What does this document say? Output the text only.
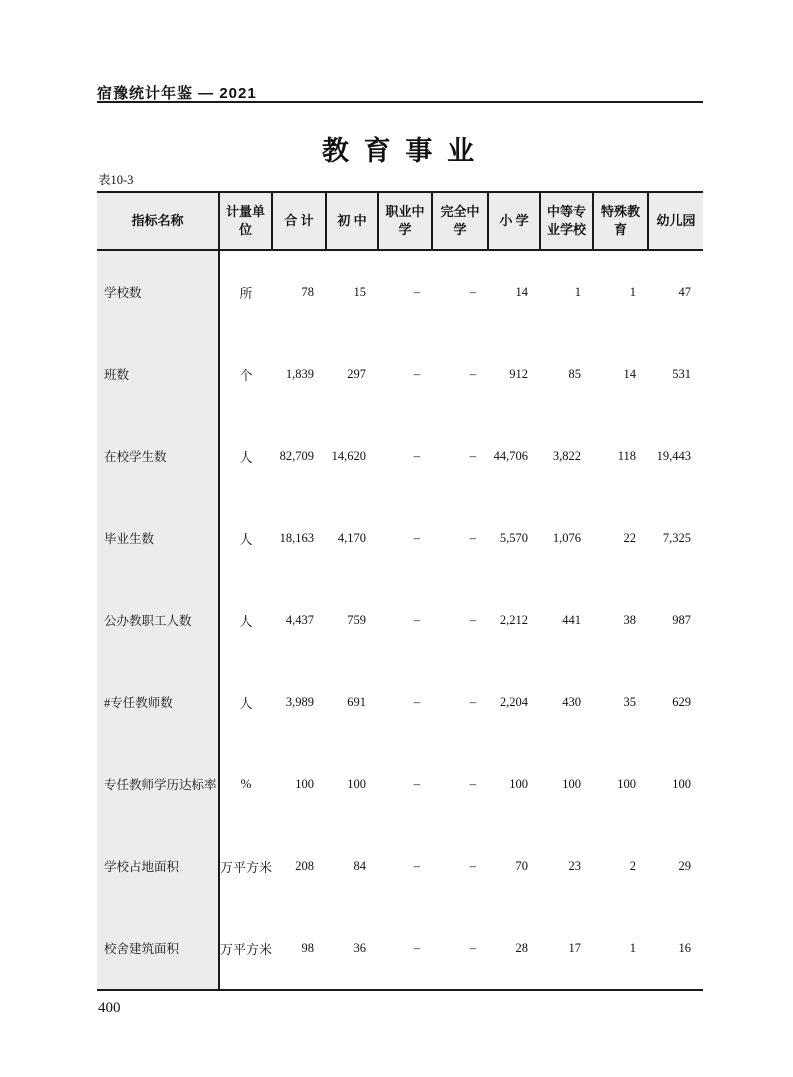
宿豫统计年鉴 — 2021
教 育 事 业
表10-3
指标名称	计量单位	合 计	初 中	职业中学	完全中学	小 学	中等专业学校	特殊教育	幼儿园
学校数	所	78	15	–	–	14	1	1	47
班数	个	1,839	297	–	–	912	85	14	531
在校学生数	人	82,709	14,620	–	–	44,706	3,822	118	19,443
毕业生数	人	18,163	4,170	–	–	5,570	1,076	22	7,325
公办教职工人数	人	4,437	759	–	–	2,212	441	38	987
#专任教师数	人	3,989	691	–	–	2,204	430	35	629
专任教师学历达标率	%	100	100	–	–	100	100	100	100
学校占地面积	万平方米	208	84	–	–	70	23	2	29
校舍建筑面积	万平方米	98	36	–	–	28	17	1	16
400
